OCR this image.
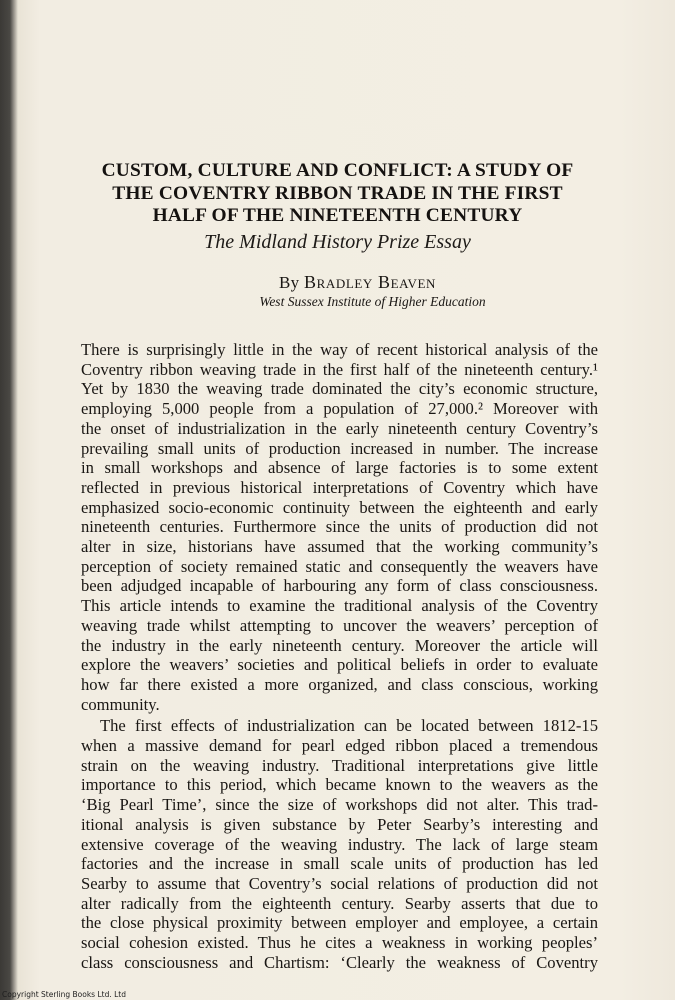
CUSTOM, CULTURE AND CONFLICT: A STUDY OF
THE COVENTRY RIBBON TRADE IN THE FIRST
HALF OF THE NINETEENTH CENTURY
The Midland History Prize Essay
By Bradley Beaven
West Sussex Institute of Higher Education
There is surprisingly little in the way of recent historical analysis of the
Coventry ribbon weaving trade in the first half of the nineteenth century.¹
Yet by 1830 the weaving trade dominated the city’s economic structure,
employing 5,000 people from a population of 27,000.² Moreover with
the onset of industrialization in the early nineteenth century Coventry’s
prevailing small units of production increased in number. The increase
in small workshops and absence of large factories is to some extent
reflected in previous historical interpretations of Coventry which have
emphasized socio-economic continuity between the eighteenth and early
nineteenth centuries. Furthermore since the units of production did not
alter in size, historians have assumed that the working community’s
perception of society remained static and consequently the weavers have
been adjudged incapable of harbouring any form of class consciousness.
This article intends to examine the traditional analysis of the Coventry
weaving trade whilst attempting to uncover the weavers’ perception of
the industry in the early nineteenth century. Moreover the article will
explore the weavers’ societies and political beliefs in order to evaluate
how far there existed a more organized, and class conscious, working
community.
The first effects of industrialization can be located between 1812-15
when a massive demand for pearl edged ribbon placed a tremendous
strain on the weaving industry. Traditional interpretations give little
importance to this period, which became known to the weavers as the
‘Big Pearl Time’, since the size of workshops did not alter. This trad-
itional analysis is given substance by Peter Searby’s interesting and
extensive coverage of the weaving industry. The lack of large steam
factories and the increase in small scale units of production has led
Searby to assume that Coventry’s social relations of production did not
alter radically from the eighteenth century. Searby asserts that due to
the close physical proximity between employer and employee, a certain
social cohesion existed. Thus he cites a weakness in working peoples’
class consciousness and Chartism: ‘Clearly the weakness of Coventry
Copyright Sterling Books Ltd. Ltd
